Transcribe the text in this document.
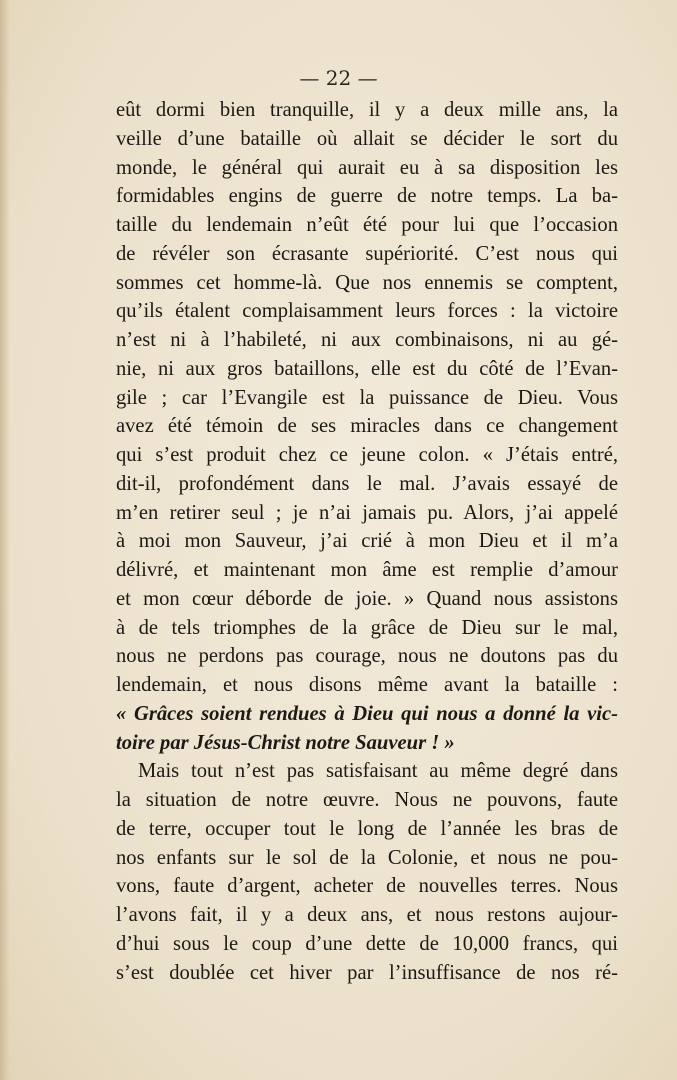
— 22 —
eût dormi bien tranquille, il y a deux mille ans, la
veille d’une bataille où allait se décider le sort du
monde, le général qui aurait eu à sa disposition les
formidables engins de guerre de notre temps. La ba-
taille du lendemain n’eût été pour lui que l’occasion
de révéler son écrasante supériorité. C’est nous qui
sommes cet homme-là. Que nos ennemis se comptent,
qu’ils étalent complaisamment leurs forces : la victoire
n’est ni à l’habileté, ni aux combinaisons, ni au gé-
nie, ni aux gros bataillons, elle est du côté de l’Evan-
gile ; car l’Evangile est la puissance de Dieu. Vous
avez été témoin de ses miracles dans ce changement
qui s’est produit chez ce jeune colon. « J’étais entré,
dit-il, profondément dans le mal. J’avais essayé de
m’en retirer seul ; je n’ai jamais pu. Alors, j’ai appelé
à moi mon Sauveur, j’ai crié à mon Dieu et il m’a
délivré, et maintenant mon âme est remplie d’amour
et mon cœur déborde de joie. » Quand nous assistons
à de tels triomphes de la grâce de Dieu sur le mal,
nous ne perdons pas courage, nous ne doutons pas du
lendemain, et nous disons même avant la bataille :
« Grâces soient rendues à Dieu qui nous a donné la vic-
toire par Jésus-Christ notre Sauveur ! »
Mais tout n’est pas satisfaisant au même degré dans
la situation de notre œuvre. Nous ne pouvons, faute
de terre, occuper tout le long de l’année les bras de
nos enfants sur le sol de la Colonie, et nous ne pou-
vons, faute d’argent, acheter de nouvelles terres. Nous
l’avons fait, il y a deux ans, et nous restons aujour-
d’hui sous le coup d’une dette de 10,000 francs, qui
s’est doublée cet hiver par l’insuffisance de nos ré-
